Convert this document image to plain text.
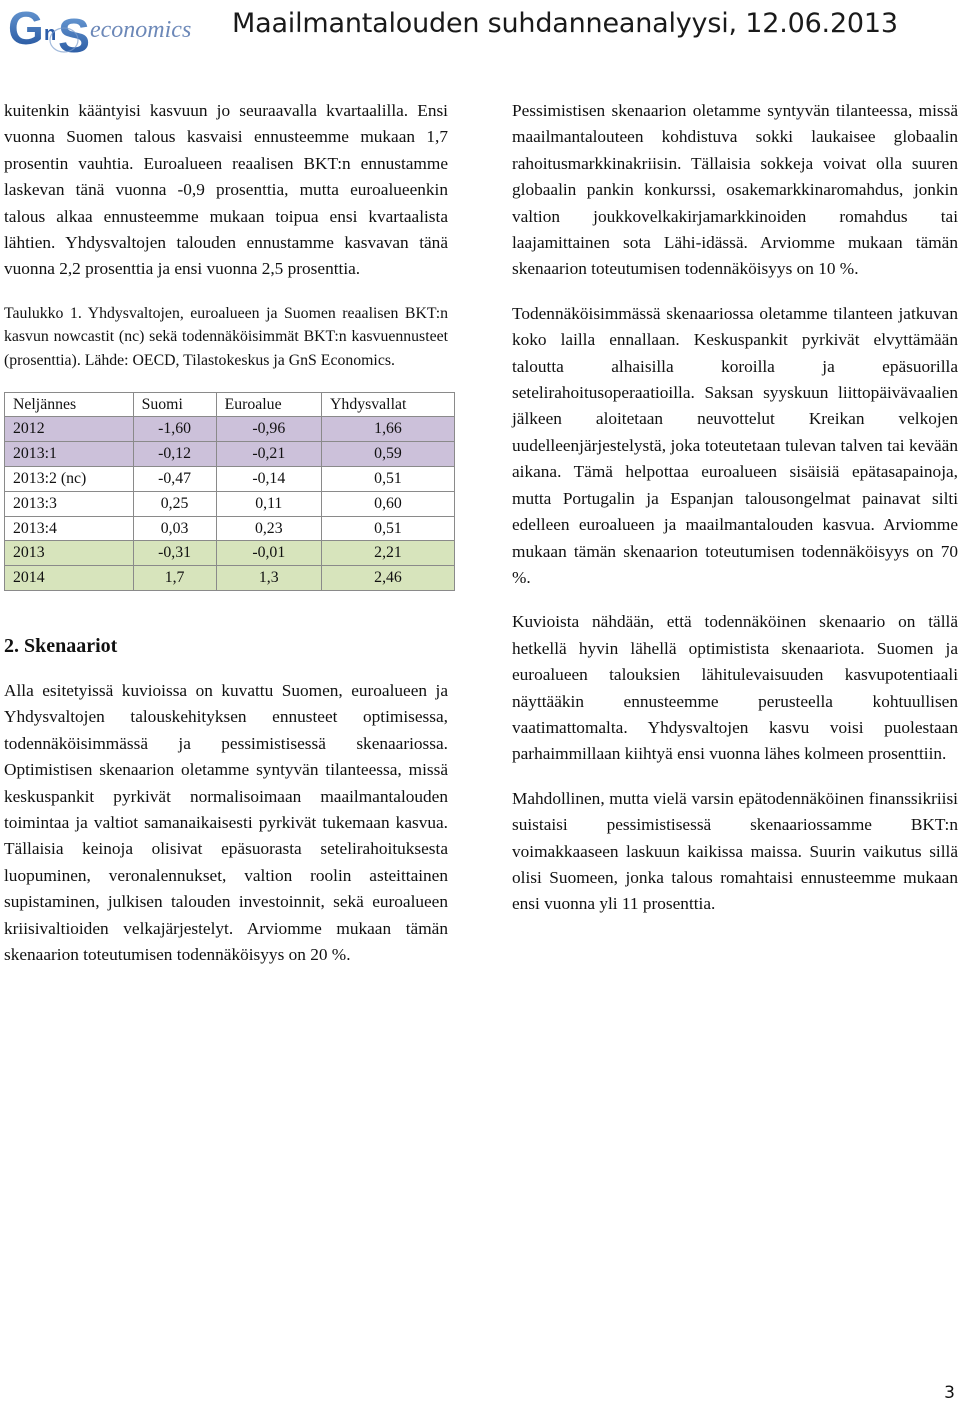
G n S economics Maailmantalouden suhdanneanalyysi, 12.06.2013

kuitenkin kääntyisi kasvuun jo seuraavalla kvartaalilla. Ensi vuonna Suomen talous kasvaisi ennusteemme mukaan 1,7 prosentin vauhtia. Euroalueen reaalisen BKT:n ennustamme laskevan tänä vuonna -0,9 prosenttia, mutta euroalueenkin talous alkaa ennusteemme mukaan toipua ensi kvartaalista lähtien. Yhdysvaltojen talouden ennustamme kasvavan tänä vuonna 2,2 prosenttia ja ensi vuonna 2,5 prosenttia.

Taulukko 1. Yhdysvaltojen, euroalueen ja Suomen reaalisen BKT:n kasvun nowcastit (nc) sekä todennäköisimmät BKT:n kasvuennusteet (prosenttia). Lähde: OECD, Tilastokeskus ja GnS Economics.

Neljännes	Suomi	Euroalue	Yhdysvallat
2012	-1,60	-0,96	1,66
2013:1	-0,12	-0,21	0,59
2013:2 (nc)	-0,47	-0,14	0,51
2013:3	0,25	0,11	0,60
2013:4	0,03	0,23	0,51
2013	-0,31	-0,01	2,21
2014	1,7	1,3	2,46
2. Skenaariot

Alla esitetyissä kuvioissa on kuvattu Suomen, euroalueen ja Yhdysvaltojen talouskehityksen ennusteet optimisessa, todennäköisimmässä ja pessimistisessä skenaariossa. Optimistisen skenaarion oletamme syntyvän tilanteessa, missä keskuspankit pyrkivät normalisoimaan maailmantalouden toimintaa ja valtiot samanaikaisesti pyrkivät tukemaan kasvua. Tällaisia keinoja olisivat epäsuorasta setelirahoituksesta luopuminen, veronalennukset, valtion roolin asteittainen supistaminen, julkisen talouden investoinnit, sekä euroalueen kriisivaltioiden velkajärjestelyt. Arviomme mukaan tämän skenaarion toteutumisen todennäköisyys on 20 %.

Pessimistisen skenaarion oletamme syntyvän tilanteessa, missä maailmantalouteen kohdistuva sokki laukaisee globaalin rahoitusmarkkinakriisin. Tällaisia sokkeja voivat olla suuren globaalin pankin konkurssi, osakemarkkinaromahdus, jonkin valtion joukkovelkakirjamarkkinoiden romahdus tai laajamittainen sota Lähi-idässä. Arviomme mukaan tämän skenaarion toteutumisen todennäköisyys on 10 %.

Todennäköisimmässä skenaariossa oletamme tilanteen jatkuvan koko lailla ennallaan. Keskuspankit pyrkivät elvyttämään taloutta alhaisilla koroilla ja epäsuorilla setelirahoitusoperaatioilla. Saksan syyskuun liittopäivävaalien jälkeen aloitetaan neuvottelut Kreikan velkojen uudelleenjärjestelystä, joka toteutetaan tulevan talven tai kevään aikana. Tämä helpottaa euroalueen sisäisiä epätasapainoja, mutta Portugalin ja Espanjan talousongelmat painavat silti edelleen euroalueen ja maailmantalouden kasvua. Arviomme mukaan tämän skenaarion toteutumisen todennäköisyys on 70 %.

Kuvioista nähdään, että todennäköinen skenaario on tällä hetkellä hyvin lähellä optimistista skenaariota. Suomen ja euroalueen talouksien lähitulevaisuuden kasvupotentiaali näyttääkin ennusteemme perusteella kohtuullisen vaatimattomalta. Yhdysvaltojen kasvu voisi puolestaan parhaimmillaan kiihtyä ensi vuonna lähes kolmeen prosenttiin.

Mahdollinen, mutta vielä varsin epätodennäköinen finanssikriisi suistaisi pessimistisessä skenaariossamme BKT:n voimakkaaseen laskuun kaikissa maissa. Suurin vaikutus sillä olisi Suomeen, jonka talous romahtaisi ennusteemme mukaan ensi vuonna yli 11 prosenttia.

3
